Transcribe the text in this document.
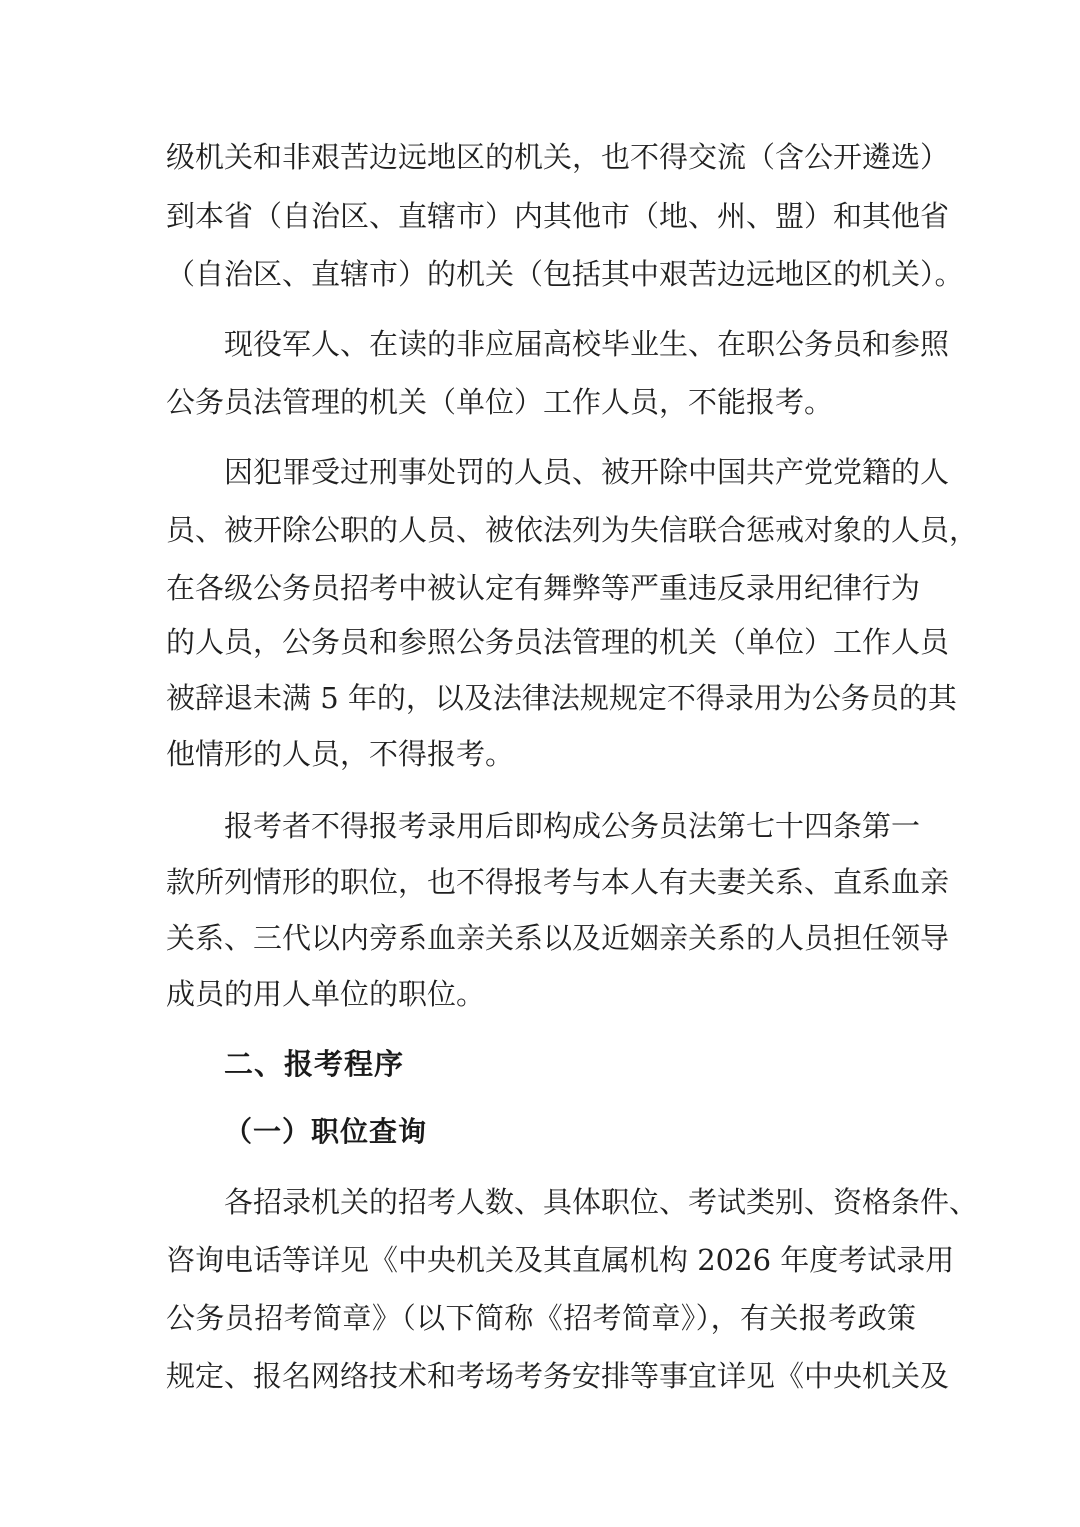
级机关和非艰苦边远地区的机关，也不得交流（含公开遴选）
到本省（自治区、直辖市）内其他市（地、州、盟）和其他省
（自治区、直辖市）的机关（包括其中艰苦边远地区的机关）。
现役军人、在读的非应届高校毕业生、在职公务员和参照
公务员法管理的机关（单位）工作人员，不能报考。
因犯罪受过刑事处罚的人员、被开除中国共产党党籍的人
员、被开除公职的人员、被依法列为失信联合惩戒对象的人员，
在各级公务员招考中被认定有舞弊等严重违反录用纪律行为
的人员，公务员和参照公务员法管理的机关（单位）工作人员
被辞退未满 5 年的，以及法律法规规定不得录用为公务员的其
他情形的人员，不得报考。
报考者不得报考录用后即构成公务员法第七十四条第一
款所列情形的职位，也不得报考与本人有夫妻关系、直系血亲
关系、三代以内旁系血亲关系以及近姻亲关系的人员担任领导
成员的用人单位的职位。
二、报考程序
（一）职位查询
各招录机关的招考人数、具体职位、考试类别、资格条件、
咨询电话等详见《中央机关及其直属机构 2026 年度考试录用
公务员招考简章》（以下简称《招考简章》），有关报考政策
规定、报名网络技术和考场考务安排等事宜详见《中央机关及
